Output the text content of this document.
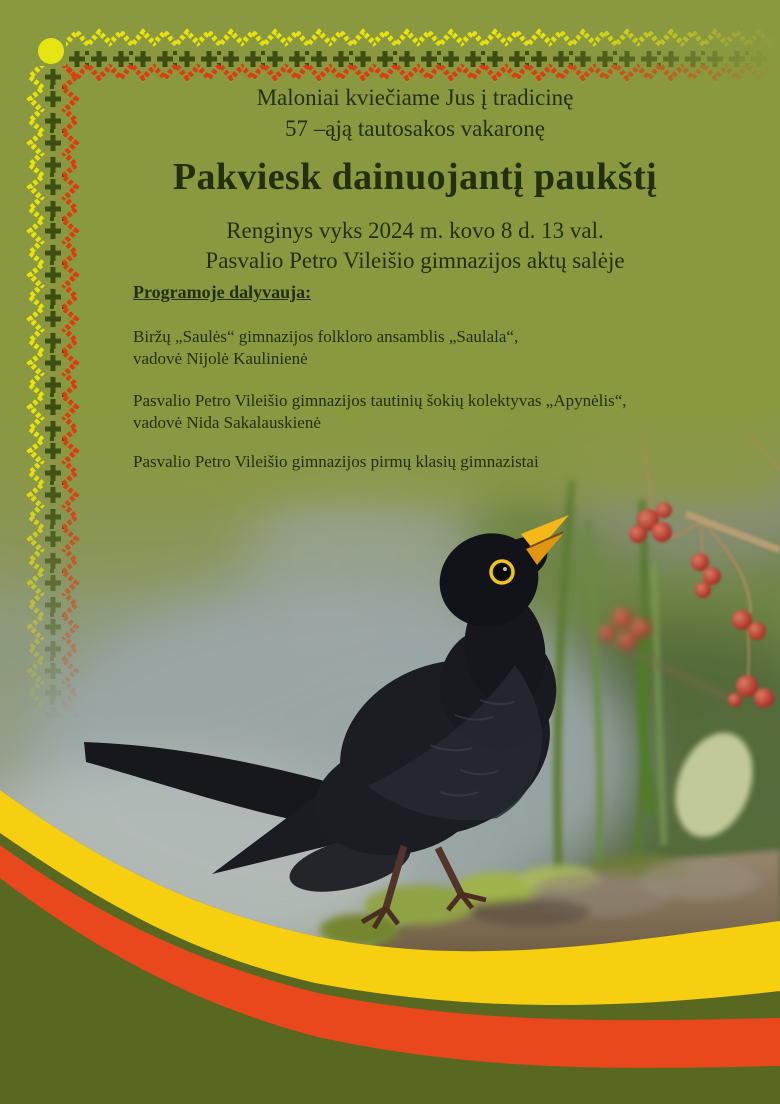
Maloniai kviečiame Jus į tradicinę
57 –ąją tautosakos vakaronę
Pakviesk dainuojantį paukštį
Renginys vyks 2024 m. kovo 8 d. 13 val.
Pasvalio Petro Vileišio gimnazijos aktų salėje
Programoje dalyvauja:
Biržų „Saulės“ gimnazijos folkloro ansamblis „Saulala“,
vadovė Nijolė Kaulinienė
Pasvalio Petro Vileišio gimnazijos tautinių šokių kolektyvas „Apynėlis“,
vadovė Nida Sakalauskienė
Pasvalio Petro Vileišio gimnazijos pirmų klasių gimnazistai
